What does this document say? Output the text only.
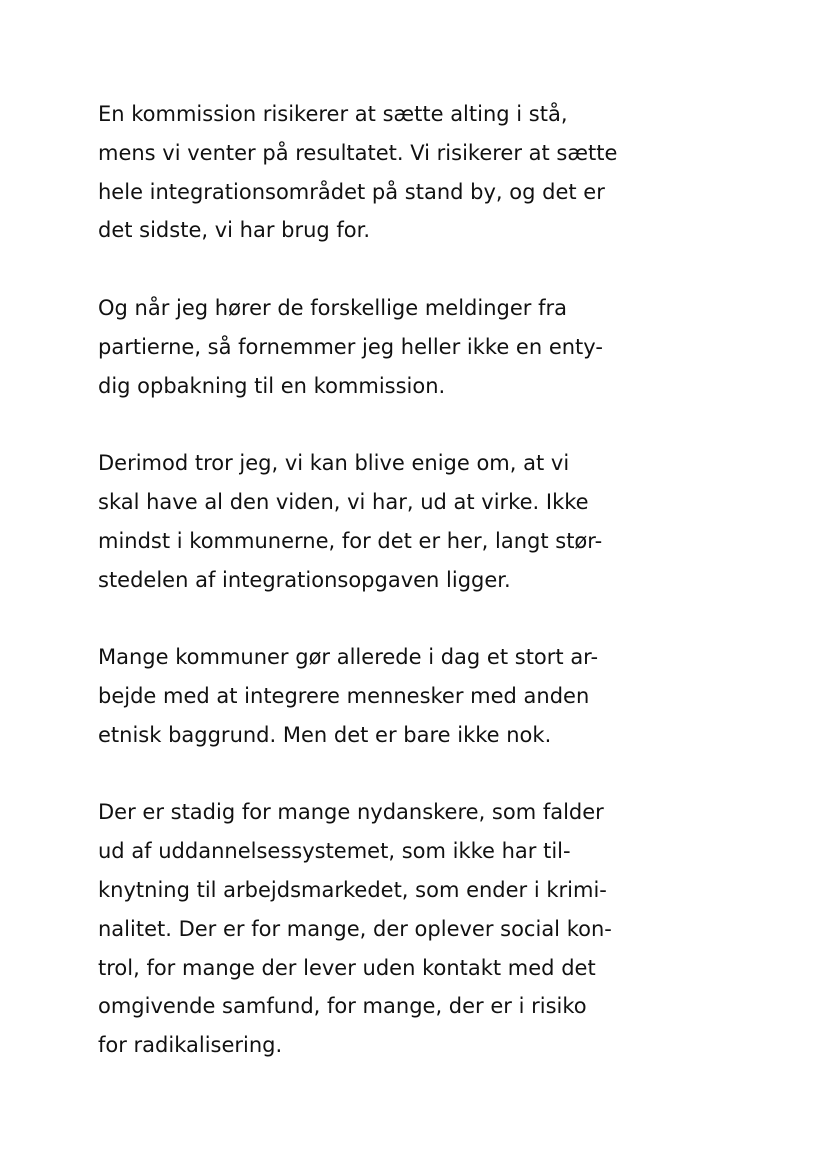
En kommission risikerer at sætte alting i stå,
mens vi venter på resultatet. Vi risikerer at sætte
hele integrationsområdet på stand by, og det er
det sidste, vi har brug for.

Og når jeg hører de forskellige meldinger fra
partierne, så fornemmer jeg heller ikke en enty-
dig opbakning til en kommission.

Derimod tror jeg, vi kan blive enige om, at vi
skal have al den viden, vi har, ud at virke. Ikke
mindst i kommunerne, for det er her, langt stør-
stedelen af integrationsopgaven ligger.

Mange kommuner gør allerede i dag et stort ar-
bejde med at integrere mennesker med anden
etnisk baggrund. Men det er bare ikke nok.

Der er stadig for mange nydanskere, som falder
ud af uddannelsessystemet, som ikke har til-
knytning til arbejdsmarkedet, som ender i krimi-
nalitet. Der er for mange, der oplever social kon-
trol, for mange der lever uden kontakt med det
omgivende samfund, for mange, der er i risiko
for radikalisering.
